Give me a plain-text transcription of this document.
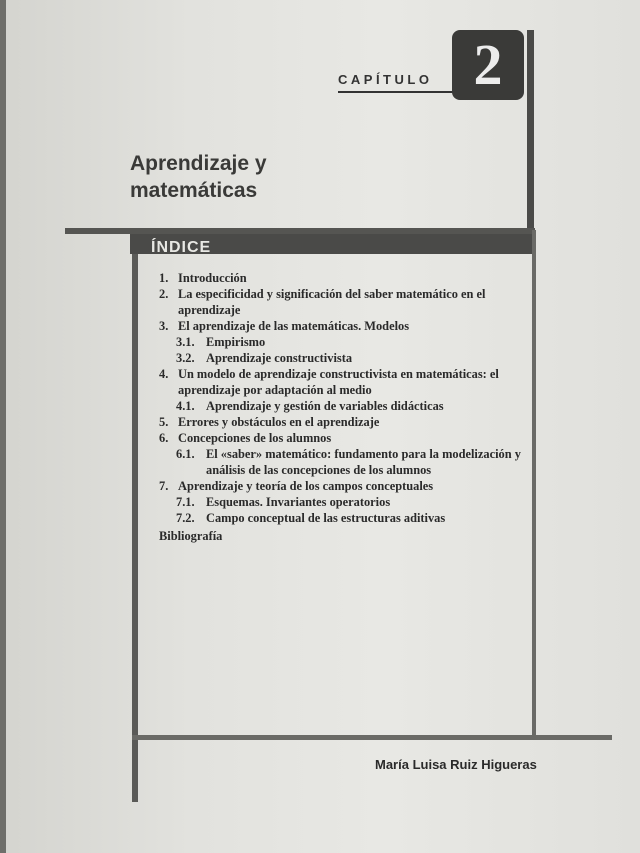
CAPÍTULO 2
Aprendizaje y
matemáticas
ÍNDICE
1. Introducción
2. La especificidad y significación del saber matemático en el aprendizaje
3. El aprendizaje de las matemáticas. Modelos
3.1. Empirismo
3.2. Aprendizaje constructivista
4. Un modelo de aprendizaje constructivista en matemáticas: el aprendizaje por adaptación al medio
4.1. Aprendizaje y gestión de variables didácticas
5. Errores y obstáculos en el aprendizaje
6. Concepciones de los alumnos
6.1. El «saber» matemático: fundamento para la modelización y análisis de las concepciones de los alumnos
7. Aprendizaje y teoría de los campos conceptuales
7.1. Esquemas. Invariantes operatorios
7.2. Campo conceptual de las estructuras aditivas
Bibliografía
María Luisa Ruiz Higueras
